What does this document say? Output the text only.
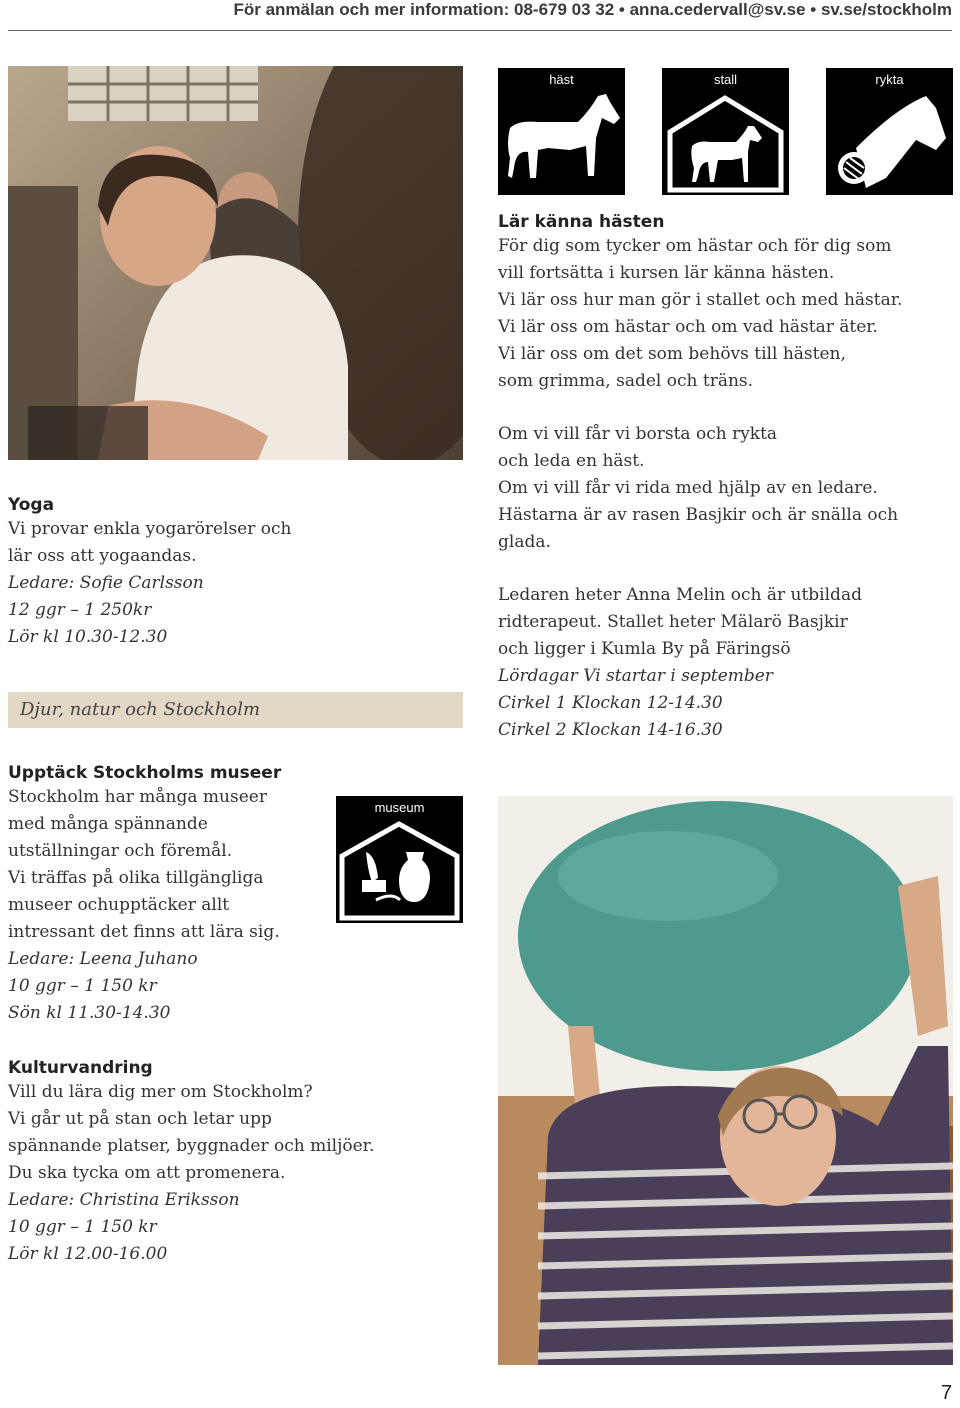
För anmälan och mer information: 08-679 03 32 • anna.cedervall@sv.se • sv.se/stockholm
häst	stall	rykta
Lär känna hästen

För dig som tycker om hästar och för dig som

vill fortsätta i kursen lär känna hästen.

Vi lär oss hur man gör i stallet och med hästar.

Vi lär oss om hästar och om vad hästar äter.

Vi lär oss om det som behövs till hästen,

som grimma, sadel och träns.

Om vi vill får vi borsta och rykta

och leda en häst.

Om vi vill får vi rida med hjälp av en ledare.

Hästarna är av rasen Basjkir och är snälla och

glada.

Ledaren heter Anna Melin och är utbildad

ridterapeut. Stallet heter Mälarö Basjkir

och ligger i Kumla By på Färingsö

Lördagar Vi startar i september

Cirkel 1 Klockan 12-14.30

Cirkel 2 Klockan 14-16.30

Yoga

Vi provar enkla yogarörelser och

lär oss att yogaandas.

Ledare: Sofie Carlsson

12 ggr – 1 250kr

Lör kl 10.30-12.30

Djur, natur och Stockholm
Upptäck Stockholms museer

Stockholm har många museer

med många spännande

utställningar och föremål.

Vi träffas på olika tillgängliga

museer ochupptäcker allt

intressant det finns att lära sig.

Ledare: Leena Juhano

10 ggr – 1 150 kr

Sön kl 11.30-14.30

museum
Kulturvandring

Vill du lära dig mer om Stockholm?

Vi går ut på stan och letar upp

spännande platser, byggnader och miljöer.

Du ska tycka om att promenera.

Ledare: Christina Eriksson

10 ggr – 1 150 kr

Lör kl 12.00-16.00

7
